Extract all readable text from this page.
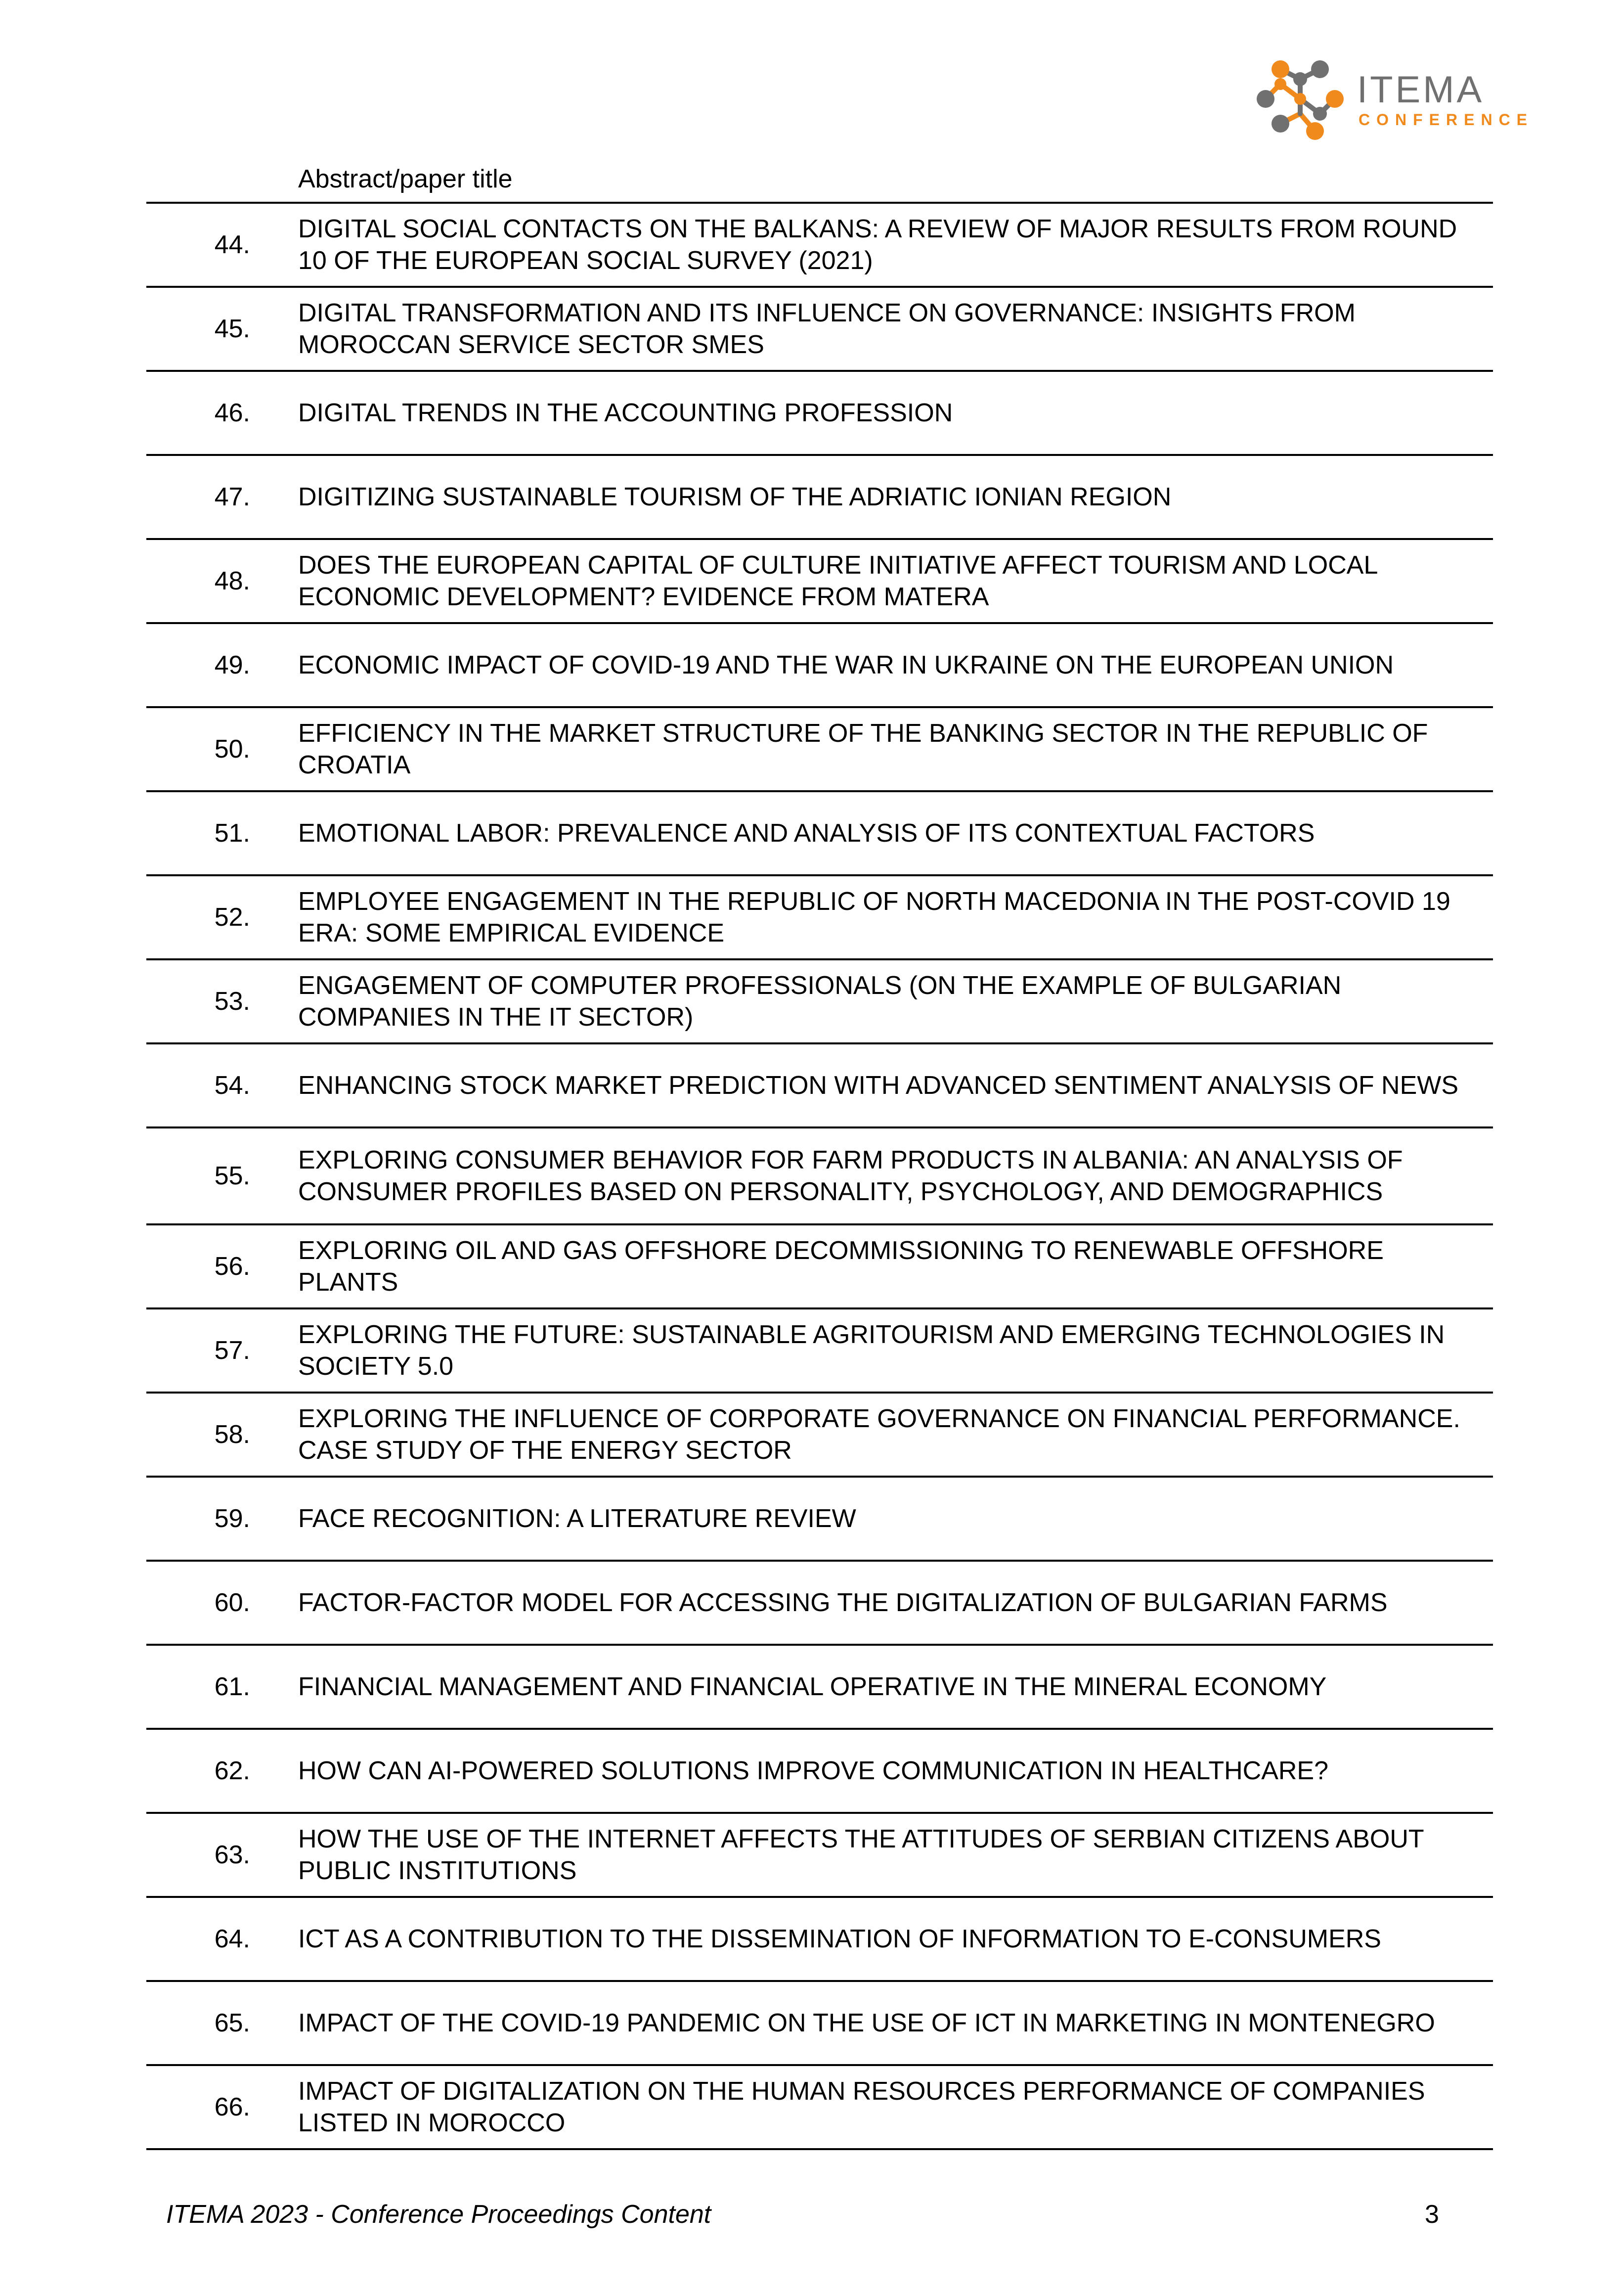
ITEMA
CONFERENCE
Abstract/paper title
44.
DIGITAL SOCIAL CONTACTS ON THE BALKANS: A REVIEW OF MAJOR RESULTS FROM ROUND 10 OF THE EUROPEAN SOCIAL SURVEY (2021)
45.
DIGITAL TRANSFORMATION AND ITS INFLUENCE ON GOVERNANCE: INSIGHTS FROM MOROCCAN SERVICE SECTOR SMES
46. DIGITAL TRENDS IN THE ACCOUNTING PROFESSION
47. DIGITIZING SUSTAINABLE TOURISM OF THE ADRIATIC IONIAN REGION
48.
DOES THE EUROPEAN CAPITAL OF CULTURE INITIATIVE AFFECT TOURISM AND LOCAL ECONOMIC DEVELOPMENT? EVIDENCE FROM MATERA
49. ECONOMIC IMPACT OF COVID-19 AND THE WAR IN UKRAINE ON THE EUROPEAN UNION
50.
EFFICIENCY IN THE MARKET STRUCTURE OF THE BANKING SECTOR IN THE REPUBLIC OF CROATIA
51. EMOTIONAL LABOR: PREVALENCE AND ANALYSIS OF ITS CONTEXTUAL FACTORS
52.
EMPLOYEE ENGAGEMENT IN THE REPUBLIC OF NORTH MACEDONIA IN THE POST-COVID 19 ERA: SOME EMPIRICAL EVIDENCE
53.
ENGAGEMENT OF COMPUTER PROFESSIONALS (ON THE EXAMPLE OF BULGARIAN COMPANIES IN THE IT SECTOR)
54. ENHANCING STOCK MARKET PREDICTION WITH ADVANCED SENTIMENT ANALYSIS OF NEWS
55.
EXPLORING CONSUMER BEHAVIOR FOR FARM PRODUCTS IN ALBANIA: AN ANALYSIS OF CONSUMER PROFILES BASED ON PERSONALITY, PSYCHOLOGY, AND DEMOGRAPHICS
56.
EXPLORING OIL AND GAS OFFSHORE DECOMMISSIONING TO RENEWABLE OFFSHORE PLANTS
57.
EXPLORING THE FUTURE: SUSTAINABLE AGRITOURISM AND EMERGING TECHNOLOGIES IN SOCIETY 5.0
58.
EXPLORING THE INFLUENCE OF CORPORATE GOVERNANCE ON FINANCIAL PERFORMANCE. CASE STUDY OF THE ENERGY SECTOR
59. FACE RECOGNITION: A LITERATURE REVIEW
60. FACTOR-FACTOR MODEL FOR ACCESSING THE DIGITALIZATION OF BULGARIAN FARMS
61. FINANCIAL MANAGEMENT AND FINANCIAL OPERATIVE IN THE MINERAL ECONOMY
62. HOW CAN AI-POWERED SOLUTIONS IMPROVE COMMUNICATION IN HEALTHCARE?
63.
HOW THE USE OF THE INTERNET AFFECTS THE ATTITUDES OF SERBIAN CITIZENS ABOUT PUBLIC INSTITUTIONS
64. ICT AS A CONTRIBUTION TO THE DISSEMINATION OF INFORMATION TO E-CONSUMERS
65. IMPACT OF THE COVID-19 PANDEMIC ON THE USE OF ICT IN MARKETING IN MONTENEGRO
66.
IMPACT OF DIGITALIZATION ON THE HUMAN RESOURCES PERFORMANCE OF COMPANIES LISTED IN MOROCCO
ITEMA 2023 - Conference Proceedings Content	3
